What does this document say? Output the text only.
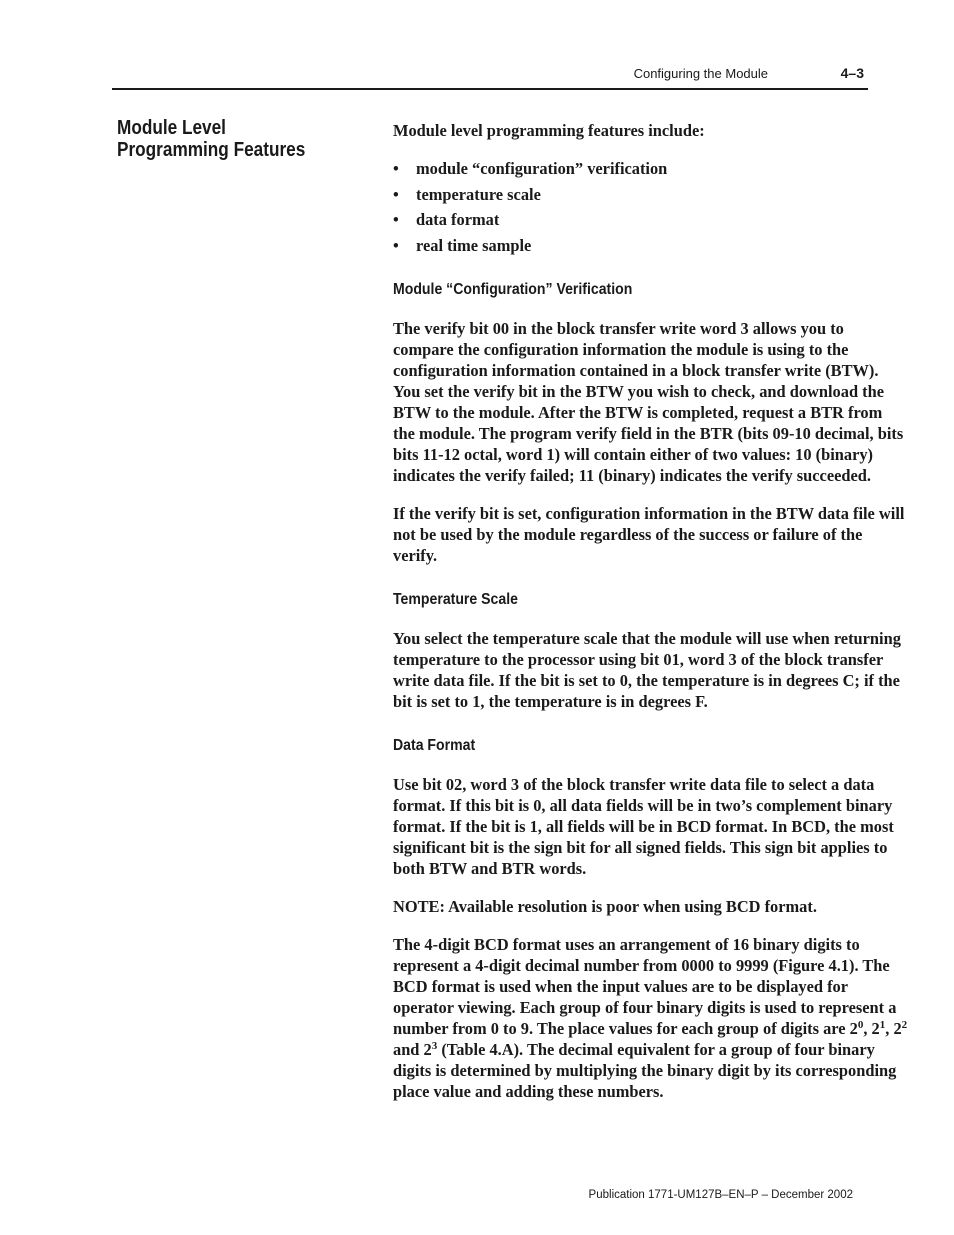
Configuring the Module	4–3
Module Level
Programming Features

Module level programming features include:

• module “configuration” verification
• temperature scale
• data format
• real time sample
Module “Configuration” Verification

The verify bit 00 in the block transfer write word 3 allows you to compare the configuration information the module is using to the configuration information contained in a block transfer write (BTW). You set the verify bit in the BTW you wish to check, and download the BTW to the module. After the BTW is completed, request a BTR from the module. The program verify field in the BTR (bits 09-10 decimal, bits bits 11-12 octal, word 1) will contain either of two values: 10 (binary) indicates the verify failed; 11 (binary) indicates the verify succeeded.

If the verify bit is set, configuration information in the BTW data file will not be used by the module regardless of the success or failure of the verify.

Temperature Scale

You select the temperature scale that the module will use when returning temperature to the processor using bit 01, word 3 of the block transfer write data file. If the bit is set to 0, the temperature is in degrees C; if the bit is set to 1, the temperature is in degrees F.

Data Format

Use bit 02, word 3 of the block transfer write data file to select a data format. If this bit is 0, all data fields will be in two’s complement binary format. If the bit is 1, all fields will be in BCD format. In BCD, the most significant bit is the sign bit for all signed fields. This sign bit applies to both BTW and BTR words.

NOTE: Available resolution is poor when using BCD format.

The 4-digit BCD format uses an arrangement of 16 binary digits to represent a 4-digit decimal number from 0000 to 9999 (Figure 4.1). The BCD format is used when the input values are to be displayed for operator viewing. Each group of four binary digits is used to represent a number from 0 to 9. The place values for each group of digits are $2^0$, $2^1$, $2^2$ and $2^3$ (Table 4.A). The decimal equivalent for a group of four binary digits is determined by multiplying the binary digit by its corresponding place value and adding these numbers.

Publication 1771-UM127B–EN–P – December 2002
